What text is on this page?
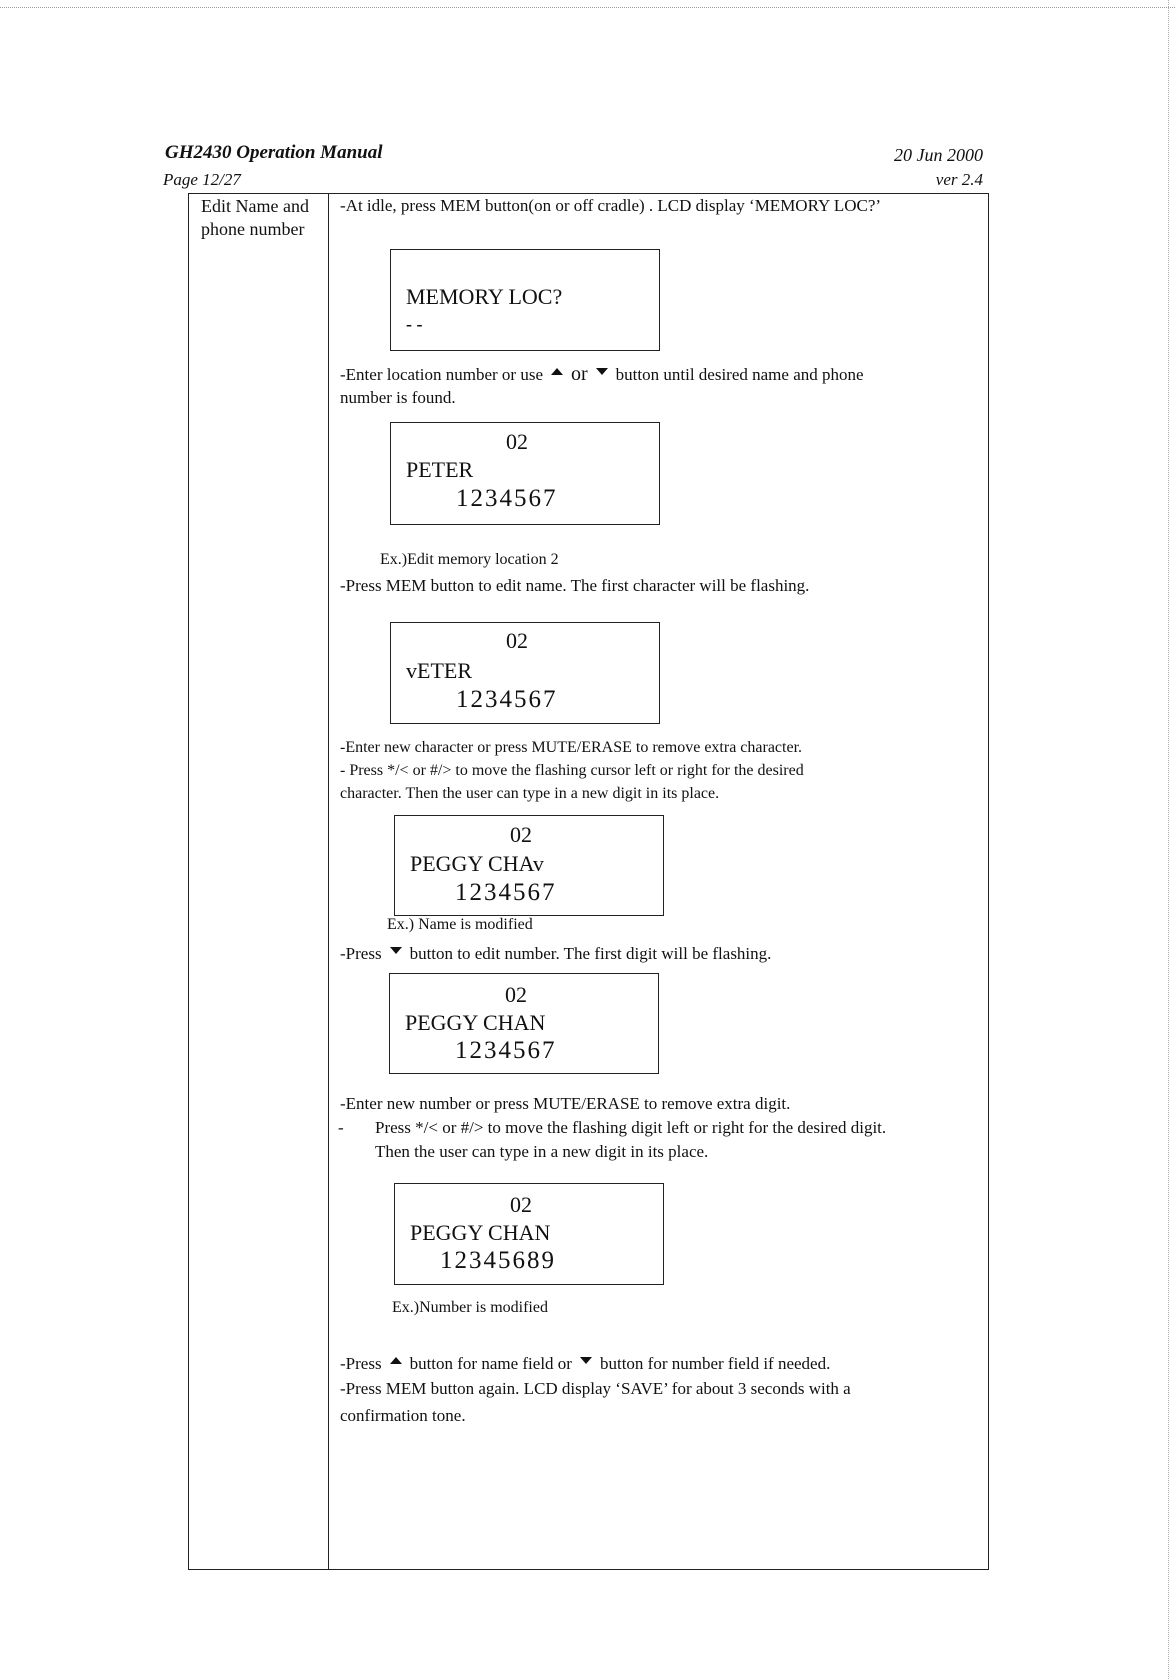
GH2430 Operation Manual
Page 12/27
20 Jun 2000
ver 2.4
Edit Name and phone number
-At idle, press MEM button(on or off cradle) . LCD display ‘MEMORY LOC?’
MEMORY LOC?
- -
-Enter location number or use or button until desired name and phone
number is found.
02
PETER
1234567
Ex.)Edit memory location 2
-Press MEM button to edit name. The first character will be flashing.
02
vETER
1234567
-Enter new character or press MUTE/ERASE to remove extra character.
- Press */< or #/> to move the flashing cursor left or right for the desired
character. Then the user can type in a new digit in its place.
02
PEGGY CHAv
1234567
Ex.) Name is modified
-Press button to edit number. The first digit will be flashing.
02
PEGGY CHAN
1234567
-Enter new number or press MUTE/ERASE to remove extra digit.
- Press */< or #/> to move the flashing digit left or right for the desired digit.
Then the user can type in a new digit in its place.
02
PEGGY CHAN
12345689
Ex.)Number is modified
-Press button for name field or button for number field if needed.
-Press MEM button again. LCD display ‘SAVE’ for about 3 seconds with a
confirmation tone.
